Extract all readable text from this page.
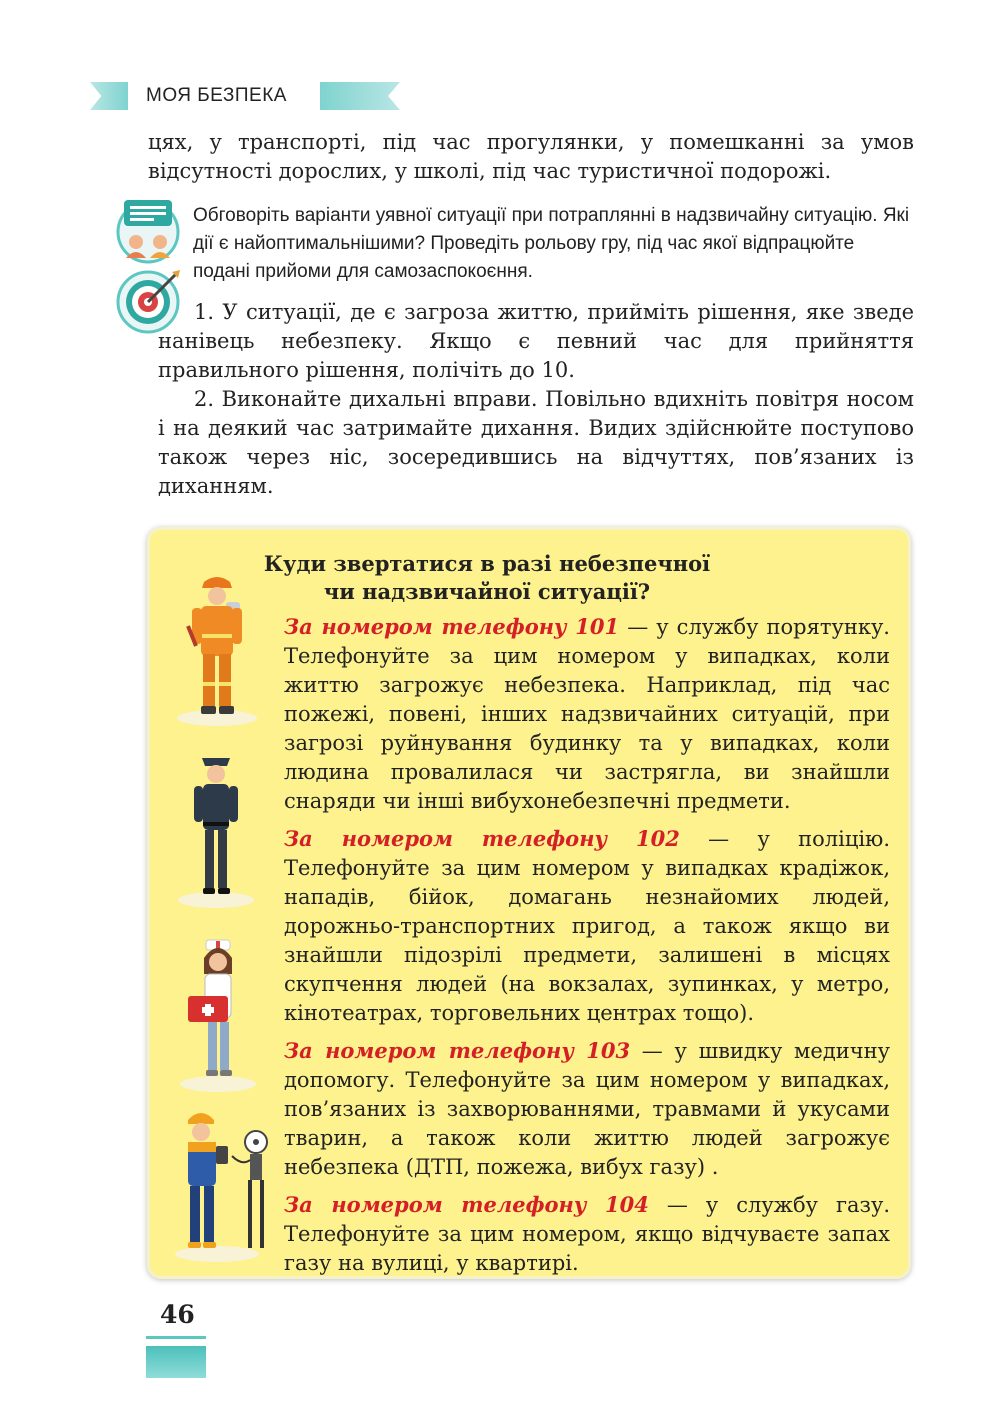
МОЯ БЕЗПЕКА
цях, у транспорті, під час прогулянки, у помешканні за умов відсутності дорослих, у школі, під час туристичної подорожі.
Обговоріть варіанти уявної ситуації при потраплянні в надзвичайну ситуацію. Які дії є найоптимальнішими? Проведіть рольову гру, під час якої відпрацюйте подані прийоми для самозаспокоєння.

1. У ситуації, де є загроза життю, прийміть рішення, яке зведе нанівець небезпеку. Якщо є певний час для прийняття правильного рішення, полічіть до 10.

2. Виконайте дихальні вправи. Повільно вдихніть повітря носом і на деякий час затримайте дихання. Видих здійснюйте поступово також через ніс, зосередившись на відчуттях, пов’язаних із диханням.

Куди звертатися в разі небезпечної
чи надзвичайної ситуації?

За номером телефону 101 — у службу порятунку. Телефонуйте за цим номером у випадках, коли життю загрожує небезпека. Наприклад, під час пожежі, повені, інших надзвичайних ситуацій, при загрозі руйнування будинку та у випадках, коли людина провалилася чи застрягла, ви знайшли снаряди чи інші вибухонебезпечні предмети.

За номером телефону 102 — у поліцію. Телефонуйте за цим номером у випадках крадіжок, нападів, бійок, домагань незнайомих людей, дорожньо-транспортних пригод, а також якщо ви знайшли підозрілі предмети, залишені в місцях скупчення людей (на вокзалах, зупинках, у метро, кінотеатрах, торговельних центрах тощо).

За номером телефону 103 — у швидку медичну допомогу. Телефонуйте за цим номером у випадках, пов’язаних із захворюваннями, травмами й укусами тварин, а також коли життю людей загрожує небезпека (ДТП, пожежа, вибух газу) .

За номером телефону 104 — у службу газу. Телефонуйте за цим номером, якщо відчуваєте запах газу на вулиці, у квартирі.

46
